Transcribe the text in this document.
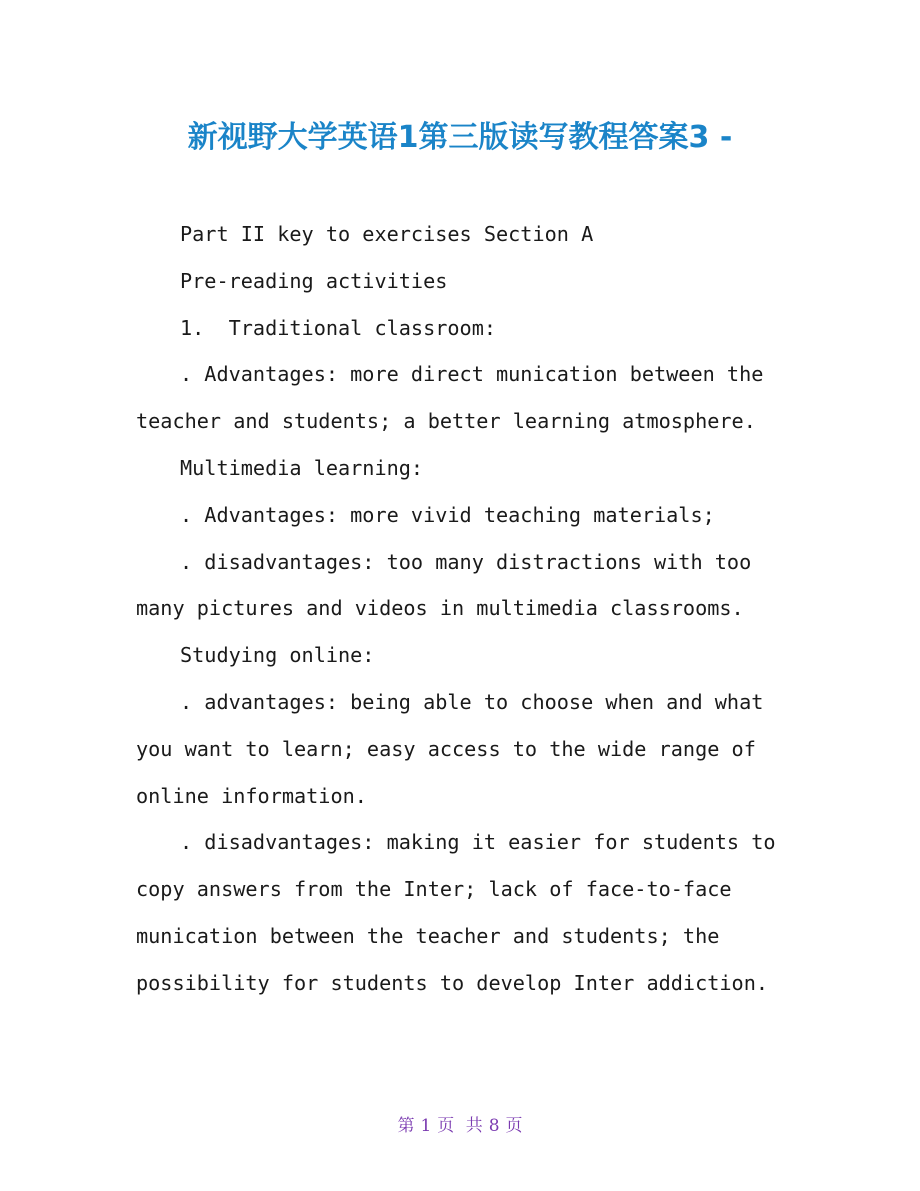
新视野大学英语1第三版读写教程答案3 -
Part II key to exercises Section A
Pre-reading activities
1.  Traditional classroom:
. Advantages: more direct munication between the
teacher and students; a better learning atmosphere.
Multimedia learning:
. Advantages: more vivid teaching materials;
. disadvantages: too many distractions with too
many pictures and videos in multimedia classrooms.
Studying online:
. advantages: being able to choose when and what
you want to learn; easy access to the wide range of
online information.
. disadvantages: making it easier for students to
copy answers from the Inter; lack of face-to-face
munication between the teacher and students; the
possibility for students to develop Inter addiction.
第 1 页 共 8 页
